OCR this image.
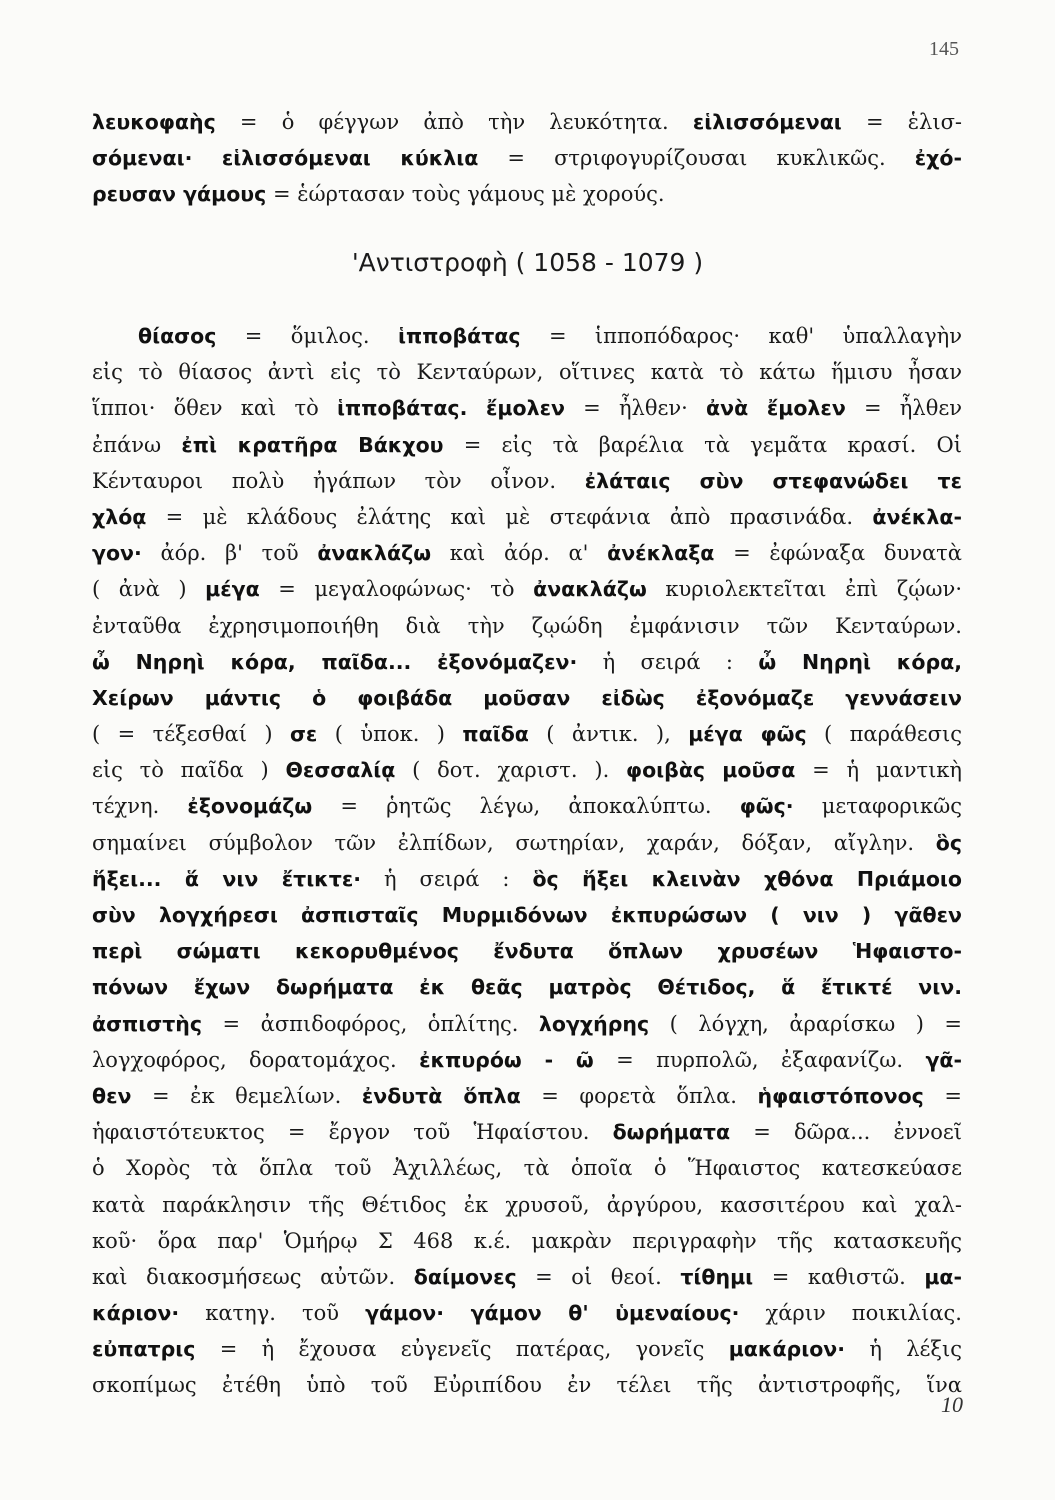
145
λευκοφαὴς = ὁ φέγγων ἀπὸ τὴν λευκότητα. εἱλισσόμεναι = ἑλισ-
σόμεναι· εἱλισσόμεναι κύκλια = στριφογυρίζουσαι κυκλικῶς. ἐχό-
ρευσαν γάμους = ἑώρτασαν τοὺς γάμους μὲ χορούς.
'Αντιστροφὴ ( 1058 - 1079 )
θίασος = ὅμιλος. ἱπποβάτας = ἱπποπόδαρος· καθ' ὑπαλλαγὴν
εἰς τὸ θίασος ἀντὶ εἰς τὸ Κενταύρων, οἵτινες κατὰ τὸ κάτω ἥμισυ ἦσαν
ἵπποι· ὅθεν καὶ τὸ ἱπποβάτας. ἔμολεν = ἦλθεν· ἀνὰ ἔμολεν = ἦλθεν
ἐπάνω ἐπὶ κρατῆρα Βάκχου = εἰς τὰ βαρέλια τὰ γεμᾶτα κρασί. Οἱ
Κένταυροι πολὺ ἠγάπων τὸν οἶνον. ἐλάταις σὺν στεφανώδει τε
χλόᾳ = μὲ κλάδους ἐλάτης καὶ μὲ στεφάνια ἀπὸ πρασινάδα. ἀνέκλα-
γον· ἀόρ. β' τοῦ ἀνακλάζω καὶ ἀόρ. α' ἀνέκλαξα = ἐφώναξα δυνατὰ
( ἀνὰ ) μέγα = μεγαλοφώνως· τὸ ἀνακλάζω κυριολεκτεῖται ἐπὶ ζῴων·
ἐνταῦθα ἐχρησιμοποιήθη διὰ τὴν ζῳώδη ἐμφάνισιν τῶν Κενταύρων.
ὦ Νηρηὶ κόρα, παῖδα... ἐξονόμαζεν· ἡ σειρά : ὦ Νηρηὶ κόρα,
Χείρων μάντις ὁ φοιβάδα μοῦσαν εἰδὼς ἐξονόμαζε γεννάσειν
( = τέξεσθαί ) σε ( ὑποκ. ) παῖδα ( ἀντικ. ), μέγα φῶς ( παράθεσις
εἰς τὸ παῖδα ) Θεσσαλίᾳ ( δοτ. χαριστ. ). φοιβὰς μοῦσα = ἡ μαντικὴ
τέχνη. ἐξονομάζω = ῥητῶς λέγω, ἀποκαλύπτω. φῶς· μεταφορικῶς
σημαίνει σύμβολον τῶν ἐλπίδων, σωτηρίαν, χαράν, δόξαν, αἴγλην. ὃς
ἥξει... ἅ νιν ἔτικτε· ἡ σειρά : ὃς ἥξει κλεινὰν χθόνα Πριάμοιο
σὺν λογχήρεσι ἀσπισταῖς Μυρμιδόνων ἐκπυρώσων ( νιν ) γᾶθεν
περὶ σώματι κεκορυθμένος ἔνδυτα ὅπλων χρυσέων Ἡφαιστο-
πόνων ἔχων δωρήματα ἐκ θεᾶς ματρὸς Θέτιδος, ἅ ἔτικτέ νιν.
ἀσπιστὴς = ἀσπιδοφόρος, ὁπλίτης. λογχήρης ( λόγχη, ἀραρίσκω ) =
λογχοφόρος, δορατομάχος. ἐκπυρόω - ῶ = πυρπολῶ, ἐξαφανίζω. γᾶ-
θεν = ἐκ θεμελίων. ἐνδυτὰ ὅπλα = φορετὰ ὅπλα. ἡφαιστόπονος =
ἡφαιστότευκτος = ἔργον τοῦ Ἡφαίστου. δωρήματα = δῶρα... ἐννοεῖ
ὁ Χορὸς τὰ ὅπλα τοῦ Ἀχιλλέως, τὰ ὁποῖα ὁ Ἥφαιστος κατεσκεύασε
κατὰ παράκλησιν τῆς Θέτιδος ἐκ χρυσοῦ, ἀργύρου, κασσιτέρου καὶ χαλ-
κοῦ· ὅρα παρ' Ὁμήρῳ Σ 468 κ.έ. μακρὰν περιγραφὴν τῆς κατασκευῆς
καὶ διακοσμήσεως αὐτῶν. δαίμονες = οἱ θεοί. τίθημι = καθιστῶ. μα-
κάριον· κατηγ. τοῦ γάμον· γάμον θ' ὑμεναίους· χάριν ποικιλίας.
εὐπατρις = ἡ ἔχουσα εὐγενεῖς πατέρας, γονεῖς μακάριον· ἡ λέξις
σκοπίμως ἐτέθη ὑπὸ τοῦ Εὐριπίδου ἐν τέλει τῆς ἀντιστροφῆς, ἵνα
10
